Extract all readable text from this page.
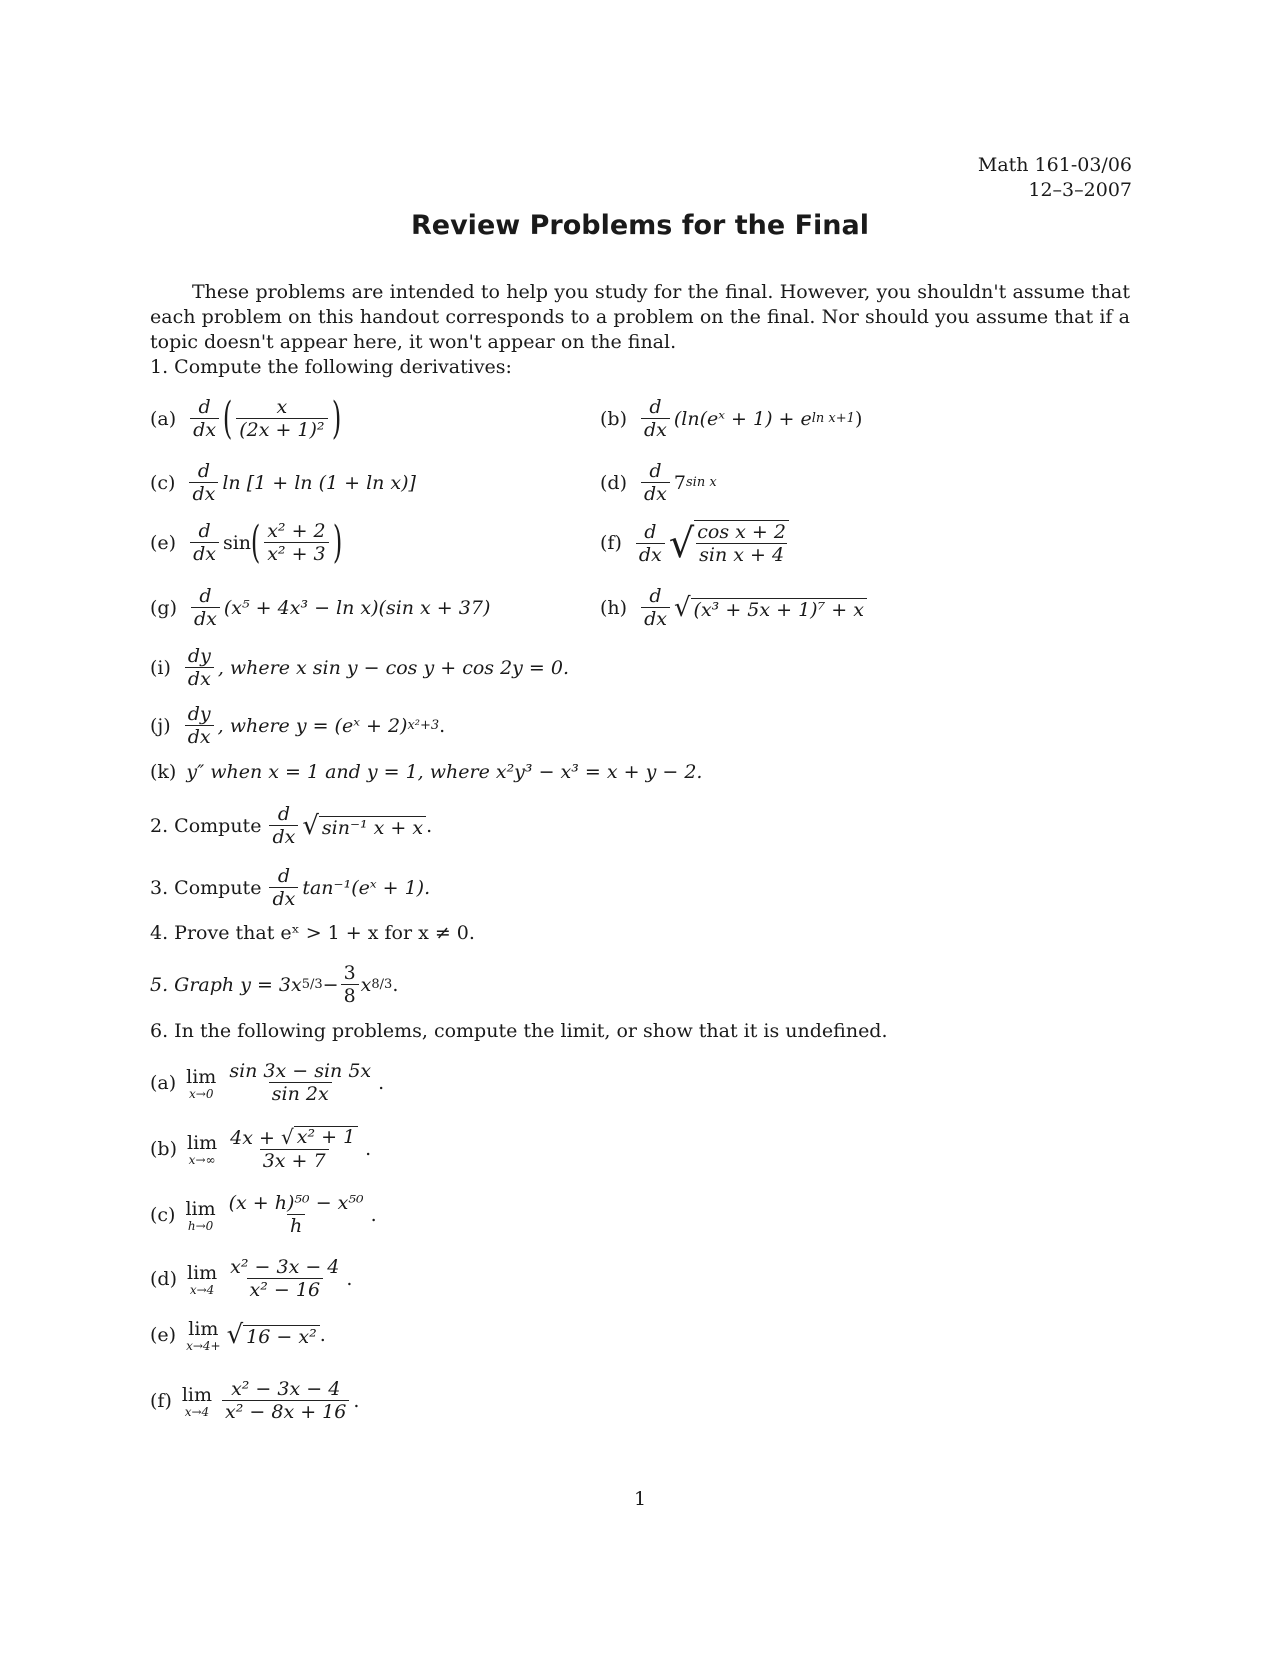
Math 161-03/06
12–3–2007
Review Problems for the Final
These problems are intended to help you study for the final. However, you shouldn't assume that each problem on this handout corresponds to a problem on the final. Nor should you assume that if a topic doesn't appear here, it won't appear on the final.
1. Compute the following derivatives:
$(a) \frac{d}{dx}$ ( $\frac{x}{\text{(2x + 1)²}}$ )	$(b) \frac{d}{dx}$ (ln(eˣ + 1) + e ln x+1 )
$(c) \frac{d}{dx}$ ln [1 + ln (1 + ln x)]	$(d) \frac{d}{dx} 7$ sin x
$(e) \frac{d}{dx}$ sin ( $\frac{\text{x² + 2}}{\text{x² + 3}}$ )	$(f) \frac{d}{dx}$ √ $\frac{\text{cos x + 2}}{\text{sin x + 4}}$
$(g) \frac{d}{dx} (x^5 + 4x^3 - \ln x)(\sin$ x + 37)	$(h) \frac{d}{dx}$ √ (x³ + 5x + 1)⁷ + x
$(i) \frac{dy}{dx}$ , where x sin y − cos y + cos 2y = 0.
$(j) \frac{dy}{dx}$ , where y = (eˣ + 2) x²+3 .
(k) y″ when x = 1 and y = 1, where x²y³ − x³ = x + y − 2.
2. Compute $\frac{d}{dx}$ √ sin⁻¹ x + x .
3. Compute $\frac{d}{dx}$ tan⁻¹(eˣ + 1).
4. Prove that eˣ > 1 + x for x ≠ 0.
5. Graph y = 3x $5/3 - \frac{3}{8}$ x 8/3 .
6. In the following problems, compute the limit, or show that it is undefined.
(a) lim
$x\to 0 \frac{\sin 3x - \sin 5x}{\sin 2x}$ .
(b) lim
$x\to\infty \frac{\text{4x + √ x² + 1}}{3x + 7}$ .
(c) lim
$h\to 0 \frac{\text{(x + h)⁵⁰ − x⁵⁰}}{h}$ .
(d) lim
$x\to 4 \frac{\text{x² − 3x − 4}}{\text{x² − 16}}$ .
(e) lim
x→4+ √ 16 − x² .
(f) lim
$x\to 4 \frac{\text{x² − 3x − 4}}{\text{x² − 8x + 16}}$ .
1
